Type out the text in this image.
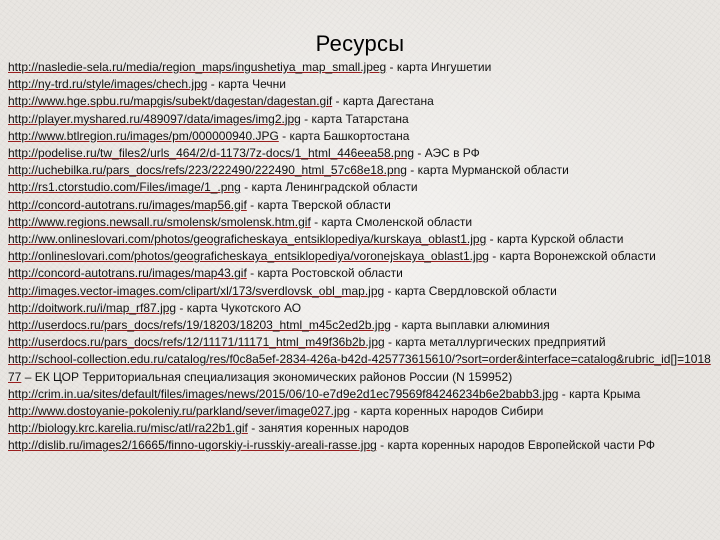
Ресурсы
http://nasledie-sela.ru/media/region_maps/ingushetiya_map_small.jpeg - карта Ингушетии
http://ny-trd.ru/style/images/chech.jpg - карта Чечни
http://www.hge.spbu.ru/mapgis/subekt/dagestan/dagestan.gif - карта Дагестана
http://player.myshared.ru/489097/data/images/img2.jpg - карта Татарстана
http://www.btlregion.ru/images/pm/000000940.JPG - карта Башкортостана
http://podelise.ru/tw_files2/urls_464/2/d-1173/7z-docs/1_html_446eea58.png - АЭС в РФ
http://uchebilka.ru/pars_docs/refs/223/222490/222490_html_57c68e18.png - карта Мурманской области
http://rs1.ctorstudio.com/Files/image/1_.png - карта Ленинградской области
http://concord-autotrans.ru/images/map56.gif - карта Тверской области
http://www.regions.newsall.ru/smolensk/smolensk.htm.gif - карта Смоленской области
http://ww.onlineslovari.com/photos/geograficheskaya_entsiklopediya/kurskaya_oblast1.jpg - карта Курской области
http://onlineslovari.com/photos/geograficheskaya_entsiklopediya/voronejskaya_oblast1.jpg - карта Воронежской области
http://concord-autotrans.ru/images/map43.gif - карта Ростовской области
http://images.vector-images.com/clipart/xl/173/sverdlovsk_obl_map.jpg - карта Свердловской области
http://doitwork.ru/i/map_rf87.jpg - карта Чукотского АО
http://userdocs.ru/pars_docs/refs/19/18203/18203_html_m45c2ed2b.jpg - карта выплавки алюминия
http://userdocs.ru/pars_docs/refs/12/11171/11171_html_m49f36b2b.jpg - карта металлургических предприятий
http://school-collection.edu.ru/catalog/res/f0c8a5ef-2834-426a-b42d-425773615610/?sort=order&interface=catalog&rubric_id[]=101877 – ЕК ЦОР Территориальная специализация экономических районов России (N 159952)
http://crim.in.ua/sites/default/files/images/news/2015/06/10-e7d9e2d1ec79569f84246234b6e2babb3.jpg - карта Крыма
http://www.dostoyanie-pokoleniy.ru/parkland/sever/image027.jpg - карта коренных народов Сибири
http://biology.krc.karelia.ru/misc/atl/ra22b1.gif - занятия коренных народов
http://dislib.ru/images2/16665/finno-ugorskiy-i-russkiy-areali-rasse.jpg - карта коренных народов Европейской части РФ
